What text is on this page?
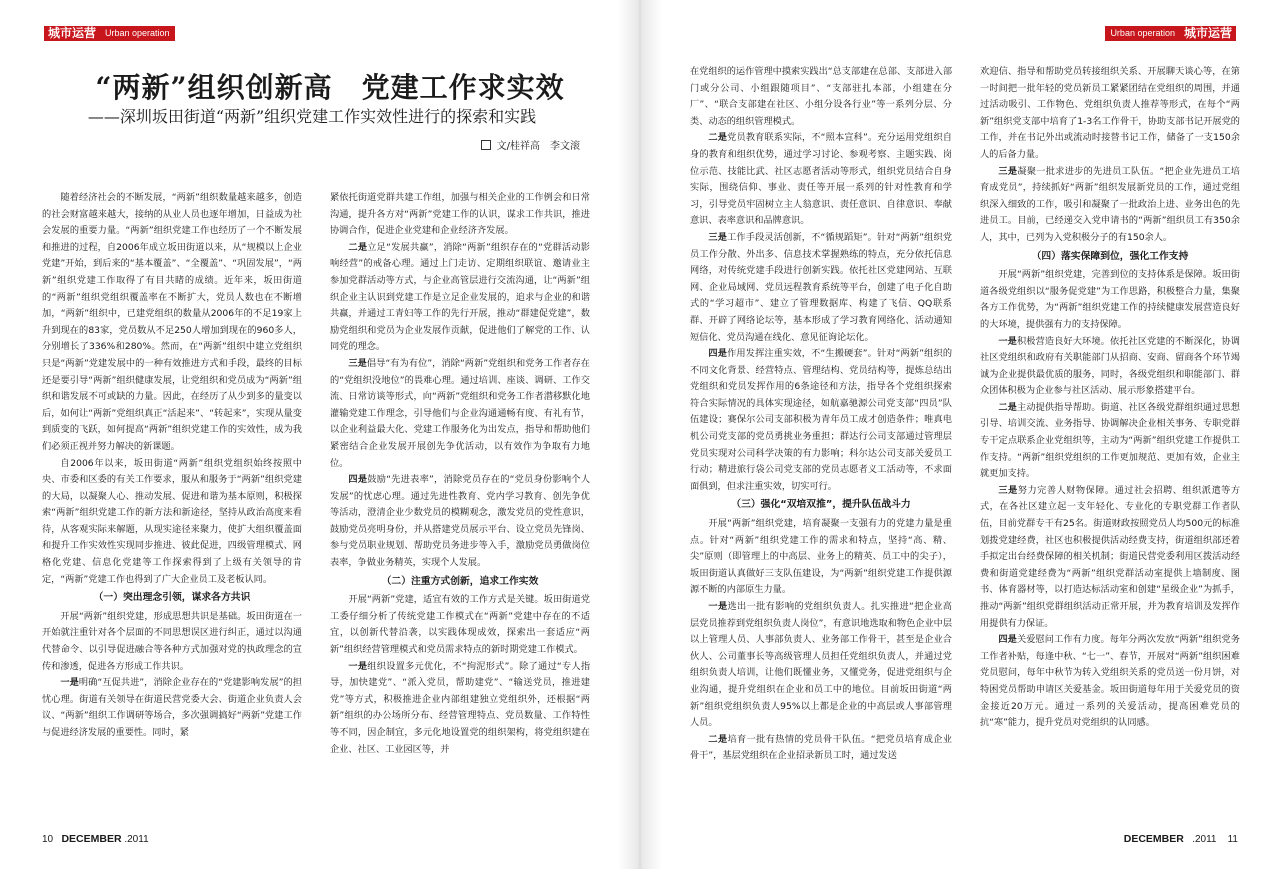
城市运营	Urban operation
“两新”组织创新高　党建工作求实效
——深圳坂田街道“两新”组织党建工作实效性进行的探索和实践
文/桂祥高　李文滚

随着经济社会的不断发展，“两新”组织数量越来越多，创造的社会财富越来越大，接纳的从业人员也逐年增加，日益成为社会发展的重要力量。“两新”组织党建工作也经历了一个不断发展和推进的过程，自2006年成立坂田街道以来，从“规模以上企业党建”开始，到后来的“基本覆盖”、“全覆盖”、“巩固发展”，“两新”组织党建工作取得了有目共睹的成绩。近年来，坂田街道的“两新”组织党组织覆盖率在不断扩大，党员人数也在不断增加，“两新”组织中，已建党组织的数量从2006年的不足19家上升到现在的83家，党员数从不足250人增加到现在的960多人，分别增长了336%和280%。然而，在“两新”组织中建立党组织只是“两新”党建发展中的一种有效推进方式和手段，最终的目标还是要引导“两新”组织健康发展，让党组织和党员成为“两新”组织和谐发展不可或缺的力量。因此，在经历了从少到多的量变以后，如何让“两新”党组织真正“活起来”、“转起来”，实现从量变到质变的飞跃，如何提高“两新”组织党建工作的实效性，成为我们必须正视并努力解决的新课题。

自2006年以来，坂田街道“两新”组织党组织始终按照中央、市委和区委的有关工作要求，服从和服务于“两新”组织党建的大局，以凝聚人心、推动发展、促进和谐为基本原则，积极探索“两新”组织党建工作的新方法和新途径，坚持从政治高度来看待，从客观实际来解题，从现实途径来聚力，使扩大组织覆盖面和提升工作实效性实现同步推进、彼此促进，四级管理模式、网格化党建、信息化党建等工作探索得到了上级有关领导的肯定，“两新”党建工作也得到了广大企业员工及老板认同。

（一）突出理念引领，谋求各方共识

开展“两新”组织党建，形成思想共识是基础。坂田街道在一开始就注重针对各个层面的不同思想误区进行纠正，通过以沟通代替命令、以引导促进融合等各种方式加强对党的执政理念的宣传和渗透，促进各方形成工作共识。

一是明确“互促共进”，消除企业存在的“党建影响发展”的担忧心理。街道有关领导在街道民营党委大会、街道企业负责人会议、“两新”组织工作调研等场合，多次强调搞好“两新”党建工作与促进经济发展的重要性。同时，紧

紧依托街道党群共建工作组，加强与相关企业的工作例会和日常沟通，提升各方对“两新”党建工作的认识，谋求工作共识，推进协调合作，促进企业党建和企业经济齐发展。

二是立足“发展共赢”，消除“两新”组织存在的“党群活动影响经营”的戒备心理。通过上门走访、定期组织联谊、邀请业主参加党群活动等方式，与企业高管层进行交流沟通，让“两新”组织企业主认识到党建工作是立足企业发展的，追求与企业的和谐共赢，并通过工青妇等工作的先行开展，推动“群建促党建”，数励党组织和党员为企业发展作贡献，促进他们了解党的工作、认同党的理念。

三是倡导“有为有位”，消除“两新”党组织和党务工作者存在的“党组织没地位”的畏难心理。通过培训、座谈、调研、工作交流、日常访谈等形式，向“两新”党组织和党务工作者潜移默化地灌输党建工作理念，引导他们与企业沟通通畅有度、有礼有节，以企业利益最大化、党建工作服务化为出发点，指导和帮助他们紧密结合企业发展开展创先争优活动，以有效作为争取有力地位。

四是鼓励“先进表率”，消除党员存在的“党员身份影响个人发展”的忧虑心理。通过先进性教育、党内学习教育、创先争优等活动，澄清企业少数党员的模糊观念，激发党员的党性意识，鼓励党员亮明身份，并从搭建党员展示平台、设立党员先锋岗、参与党员职业规划、帮助党员务进步等入手，激励党员勇做岗位表率，争做业务精英，实现个人发展。

（二）注重方式创新，追求工作实效

开展“两新”党建，适宜有效的工作方式是关键。坂田街道党工委仔细分析了传统党建工作模式在“两新”党建中存在的不适宜，以创新代替沿袭，以实践体现成效，探索出一套适应“两新”组织经营管理模式和党员需求特点的新时期党建工作模式。

一是组织设置多元优化，不“拘泥形式”。除了通过“专人指导，加快建党”、“派入党员，帮助建党”、“输送党员，推进建党”等方式，积极推进企业内部组建独立党组织外，还根据“两新”组织的办公场所分布、经营管理特点、党员数量、工作特性等不同，因企制宜，多元化地设置党的组织架构，将党组织建在企业、社区、工业园区等，并

10 DECEMBER .2011
Urban operation 城市运营

在党组织的运作管理中摸索实践出“总支部建在总部、支部进入部门或分公司、小组跟随项目”、“支部驻扎本部，小组建在分厂”、“联合支部建在社区、小组分设各行业”等一系列分层、分类、动态的组织管理模式。

二是党员教育联系实际，不“照本宣科”。充分运用党组织自身的教育和组织优势，通过学习讨论、参观考察、主题实践、岗位示范、技能比武、社区志愿者活动等形式，组织党员结合自身实际，围绕信仰、事业、责任等开展一系列的针对性教育和学习，引导党员牢固树立主人翁意识、责任意识、自律意识、奉献意识、表率意识和品牌意识。

三是工作手段灵活创新，不“循规蹈矩”。针对“两新”组织党员工作分散、外出多、信息技术掌握熟练的特点，充分依托信息网络，对传统党建手段进行创新实践。依托社区党建网站、互联网、企业局域网、党员远程教育系统等平台，创建了电子化自助式的“学习超市”、建立了管理数据库、构建了飞信、QQ联系群、开辟了网络论坛等，基本形成了学习教育网络化、活动通知短信化、党员沟通在线化、意见征询论坛化。

四是作用发挥注重实效，不“生搬硬套”。针对“两新”组织的不同文化背景、经营特点、管理结构、党员结构等，提炼总结出党组织和党员发挥作用的6条途径和方法，指导各个党组织探索符合实际情况的具体实现途径，如航嘉驰源公司党支部“四员”队伍建设；赛保尔公司支部积极为青年员工成才创造条件；唯真电机公司党支部的党员勇挑业务重担；群达行公司支部通过管理层党员实现对公司科学决策的有力影响；科尔达公司支部关爱员工行动；精进旅行袋公司党支部的党员志愿者义工活动等，不求面面俱到，但求注重实效，切实可行。

（三）强化“双培双推”，提升队伍战斗力

开展“两新”组织党建，培育凝聚一支强有力的党建力量是重点。针对“两新”组织党建工作的需求和特点，坚持“高、精、尖”原则（即管理上的中高层、业务上的精英、员工中的尖子），坂田街道认真做好三支队伍建设，为“两新”组织党建工作提供源源不断的内部原生力量。

一是选出一批有影响的党组织负责人。扎实推进“把企业高层党员推荐到党组织负责人岗位”，有意识地选取和物色企业中层以上管理人员、人事部负责人、业务部工作骨干，甚至是企业合伙人、公司董事长等高级管理人员担任党组织负责人，并通过党组织负责人培训，让他们既懂业务，又懂党务，促进党组织与企业沟通，提升党组织在企业和员工中的地位。目前坂田街道“两新”组织党组织负责人95%以上都是企业的中高层或人事部管理人员。

二是培育一批有热情的党员骨干队伍。“把党员培育成企业骨干”，基层党组织在企业招录新员工时，通过发送

欢迎信、指导和帮助党员转接组织关系、开展聊天谈心等，在第一时间把一批年轻的党员新员工紧紧团结在党组织的周围，并通过活动吸引、工作物色、党组织负责人推荐等形式，在每个“两新”组织党支部中培育了1-3名工作骨干，协助支部书记开展党的工作，并在书记外出或流动时接替书记工作，储备了一支150余人的后备力量。

三是凝聚一批求进步的先进员工队伍。“把企业先进员工培育成党员”，持续抓好“两新”组织发展新党员的工作，通过党组织深入细致的工作，吸引和凝聚了一批政治上进、业务出色的先进员工。目前，已经递交入党申请书的“两新”组织员工有350余人，其中，已列为入党积极分子的有150余人。

（四）落实保障到位，强化工作支持

开展“两新”组织党建，完善到位的支持体系是保障。坂田街道各级党组织以“服务促党建”为工作思路，积极整合力量，集聚各方工作优势，为“两新”组织党建工作的持续健康发展营造良好的大环境，提供强有力的支持保障。

一是积极营造良好大环境。依托社区党建的不断深化，协调社区党组织和政府有关职能部门从招商、安商、留商各个环节竭诚为企业提供最优质的服务，同时，各级党组织和职能部门、群众团体积极为企业参与社区活动、展示形象搭建平台。

二是主动提供指导帮助。街道、社区各级党群组织通过思想引导、培训交流、业务指导、协调解决企业相关事务、专职党群专干定点联系企业党组织等，主动为“两新”组织党建工作提供工作支持。“两新”组织党组织的工作更加规范、更加有效，企业主就更加支持。

三是努力完善人财物保障。通过社会招聘、组织派遣等方式，在各社区建立起一支年轻化、专业化的专职党群工作者队伍，目前党群专干有25名。街道财政按照党员人均500元的标准划拨党建经费，社区也积极提供活动经费支持，街道组织部还着手拟定出台经费保障的相关机制；街道民营党委利用区拨活动经费和街道党建经费为“两新”组织党群活动室提供上墙制度、图书、体育器材等，以打造达标活动室和创建“星级企业”为抓手，推动“两新”组织党群组织活动正常开展，并为教育培训及发挥作用提供有力保证。

四是关爱慰问工作有力度。每年分两次发放“两新”组织党务工作者补贴，每逢中秋、“七一”、春节，开展对“两新”组织困难党员慰问，每年中秋节为转入党组织关系的党员送一份月饼，对特困党员帮助申请区关爱基金。坂田街道每年用于关爱党员的资金接近20万元。通过一系列的关爱活动，提高困难党员的抗“寒”能力，提升党员对党组织的认同感。

DECEMBER .2011 11
